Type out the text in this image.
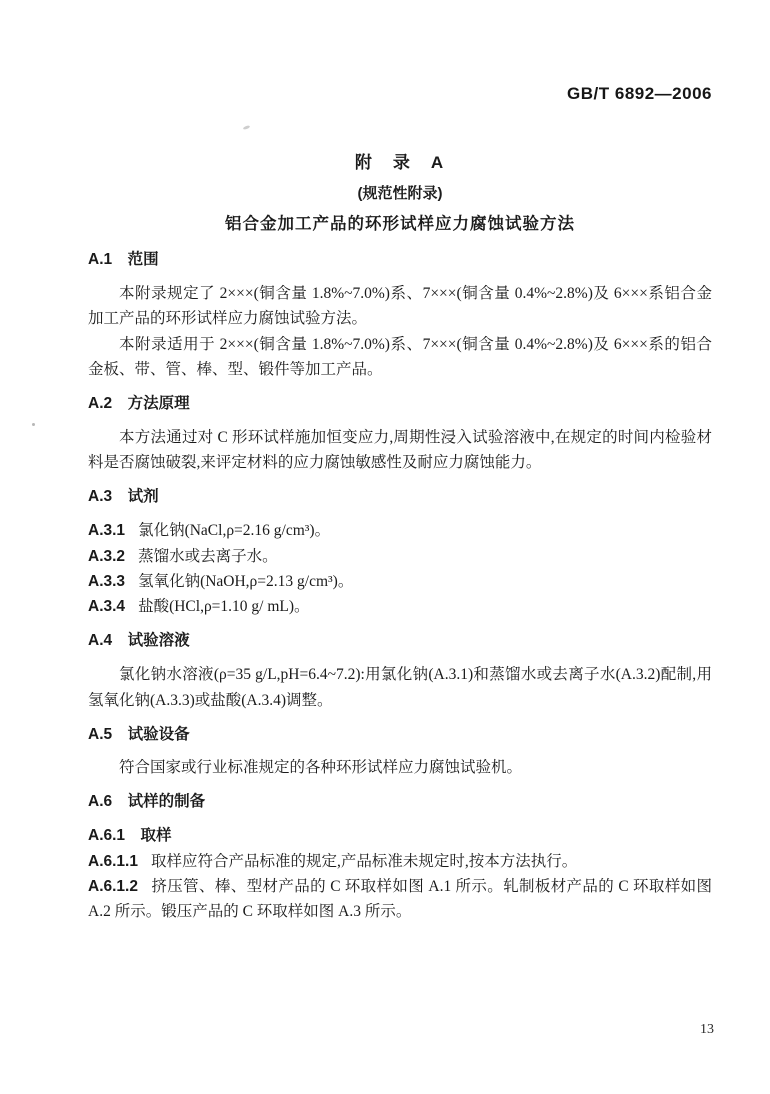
GB/T 6892—2006
附　录　A
(规范性附录)
铝合金加工产品的环形试样应力腐蚀试验方法
A.1　范围

本附录规定了 2×××(铜含量 1.8%~7.0%)系、7×××(铜含量 0.4%~2.8%)及 6×××系铝合金加工产品的环形试样应力腐蚀试验方法。

本附录适用于 2×××(铜含量 1.8%~7.0%)系、7×××(铜含量 0.4%~2.8%)及 6×××系的铝合金板、带、管、棒、型、锻件等加工产品。

A.2　方法原理

本方法通过对 C 形环试样施加恒变应力,周期性浸入试验溶液中,在规定的时间内检验材料是否腐蚀破裂,来评定材料的应力腐蚀敏感性及耐应力腐蚀能力。

A.3　试剂

A.3.1 氯化钠(NaCl,ρ=2.16 g/cm³)。

A.3.2 蒸馏水或去离子水。

A.3.3 氢氧化钠(NaOH,ρ=2.13 g/cm³)。

A.3.4 盐酸(HCl,ρ=1.10 g/ mL)。

A.4　试验溶液

氯化钠水溶液(ρ=35 g/L,pH=6.4~7.2):用氯化钠(A.3.1)和蒸馏水或去离子水(A.3.2)配制,用氢氧化钠(A.3.3)或盐酸(A.3.4)调整。

A.5　试验设备

符合国家或行业标准规定的各种环形试样应力腐蚀试验机。

A.6　试样的制备
A.6.1　取样

A.6.1.1 取样应符合产品标准的规定,产品标准未规定时,按本方法执行。

A.6.1.2 挤压管、棒、型材产品的 C 环取样如图 A.1 所示。轧制板材产品的 C 环取样如图 A.2 所示。锻压产品的 C 环取样如图 A.3 所示。

13
